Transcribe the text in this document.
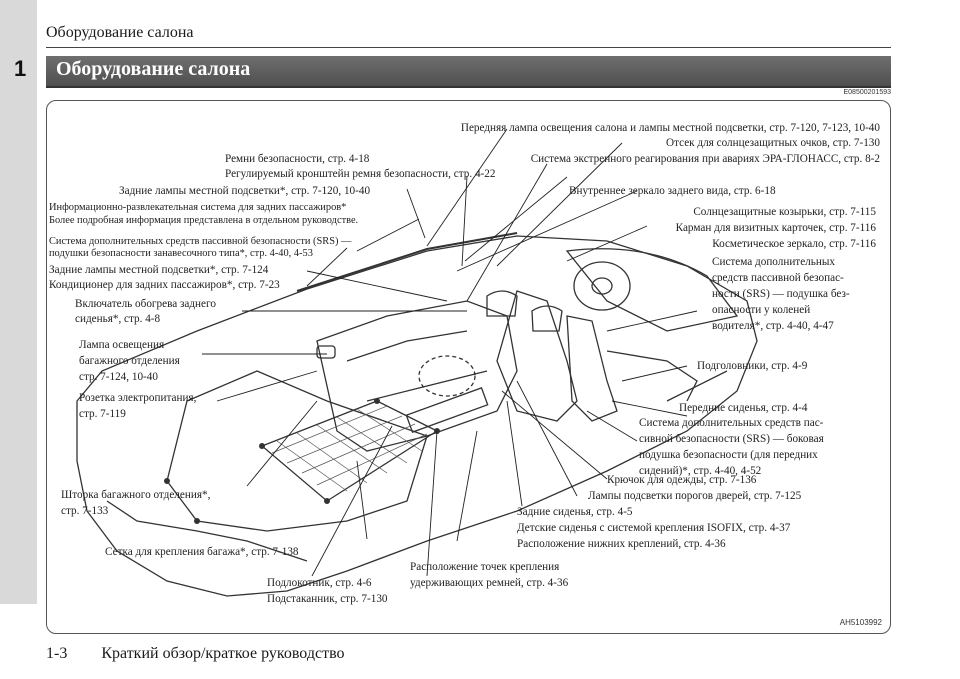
1
Оборудование салона
Оборудование салона
E08500201593
Передняя лампа освещения салона и лампы местной подсветки, стр. 7-120, 7-123, 10-40
Отсек для солнцезащитных очков, стр. 7-130
Ремни безопасности, стр. 4-18	Система экстренного реагирования при авариях ЭРА-ГЛОНАСС, стр. 8-2
Регулируемый кронштейн ремня безопасности, стр. 4-22
Задние лампы местной подсветки*, стр. 7-120, 10-40	Внутреннее зеркало заднего вида, стр. 6-18
Информационно-развлекательная система для задних пассажиров*	Солнцезащитные козырьки, стр. 7-115
Более подробная информация представлена в отдельном руководстве.
Карман для визитных карточек, стр. 7-116
Система дополнительных средств пассивной безопасности (SRS) —	Косметическое зеркало, стр. 7-116
подушки безопасности занавесочного типа*, стр. 4-40, 4-53
Система дополнительных
Задние лампы местной подсветки*, стр. 7-124
средств пассивной безопас-
Кондиционер для задних пассажиров*, стр. 7-23
ности (SRS) — подушка без-
Включатель обогрева заднего	опасности у коленей
сиденья*, стр. 4-8
водителя*, стр. 4-40, 4-47
Лампа освещения
багажного отделения	Подголовники, стр. 4-9
стр. 7-124, 10-40
Розетка электропитания,
Передние сиденья, стр. 4-4
стр. 7-119
Система дополнительных средств пас-
сивной безопасности (SRS) — боковая
подушка безопасности (для передних
сидений)*, стр. 4-40, 4-52
Крючок для одежды, стр. 7-136
Шторка багажного отделения*,	Лампы подсветки порогов дверей, стр. 7-125
стр. 7-133	Задние сиденья, стр. 4-5
Детские сиденья с системой крепления ISOFIX, стр. 4-37
Расположение нижних креплений, стр. 4-36
Сетка для крепления багажа*, стр. 7-138
Расположение точек крепления
Подлокотник, стр. 4-6	удерживающих ремней, стр. 4-36
Подстаканник, стр. 7-130
AH5103992
1-3 Краткий обзор/краткое руководство
